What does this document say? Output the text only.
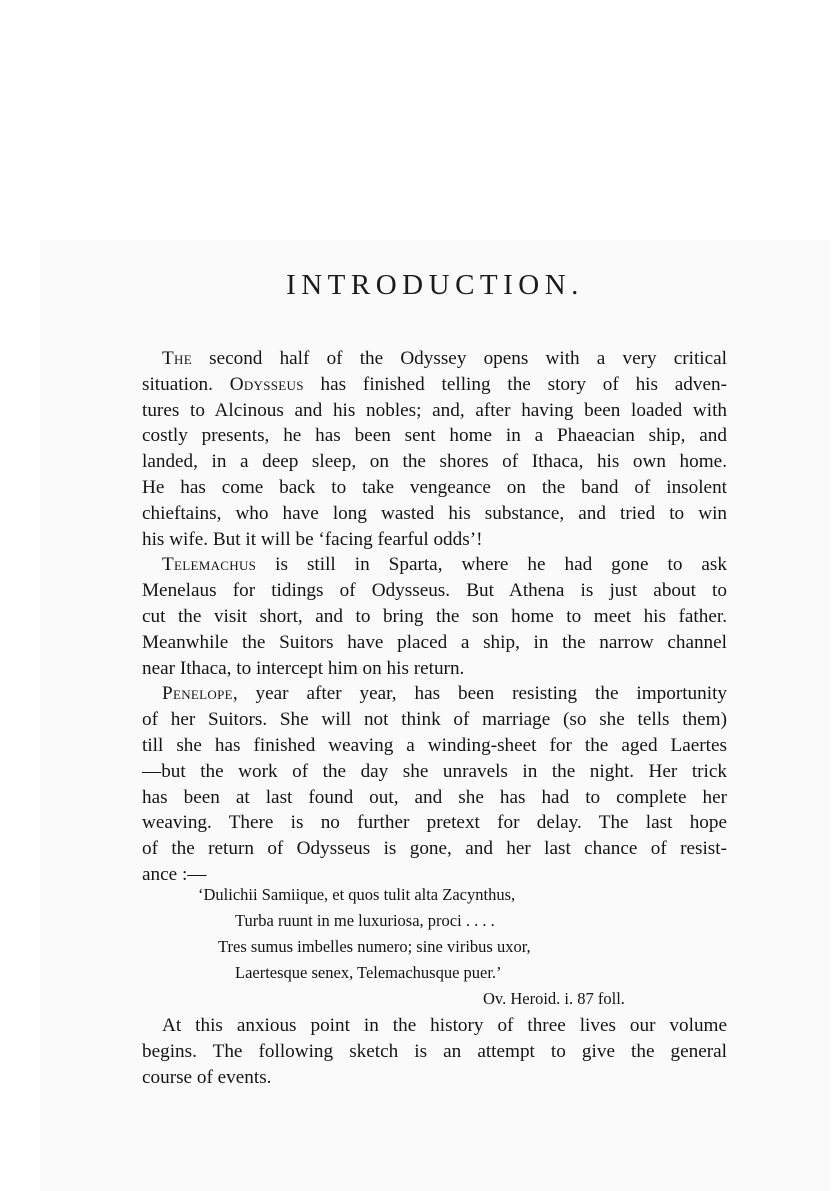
INTRODUCTION.
The second half of the Odyssey opens with a very critical
situation. Odysseus has finished telling the story of his adven-
tures to Alcinous and his nobles; and, after having been loaded with
costly presents, he has been sent home in a Phaeacian ship, and
landed, in a deep sleep, on the shores of Ithaca, his own home.
He has come back to take vengeance on the band of insolent
chieftains, who have long wasted his substance, and tried to win
his wife. But it will be ‘facing fearful odds’!
Telemachus is still in Sparta, where he had gone to ask
Menelaus for tidings of Odysseus. But Athena is just about to
cut the visit short, and to bring the son home to meet his father.
Meanwhile the Suitors have placed a ship, in the narrow channel
near Ithaca, to intercept him on his return.
Penelope, year after year, has been resisting the importunity
of her Suitors. She will not think of marriage (so she tells them)
till she has finished weaving a winding-sheet for the aged Laertes
—but the work of the day she unravels in the night. Her trick
has been at last found out, and she has had to complete her
weaving. There is no further pretext for delay. The last hope
of the return of Odysseus is gone, and her last chance of resist-
ance :—
‘Dulichii Samiique, et quos tulit alta Zacynthus,
Turba ruunt in me luxuriosa, proci . . . .
Tres sumus imbelles numero; sine viribus uxor,
Laertesque senex, Telemachusque puer.’
Ov. Heroid. i. 87 foll.
At this anxious point in the history of three lives our volume
begins. The following sketch is an attempt to give the general
course of events.
